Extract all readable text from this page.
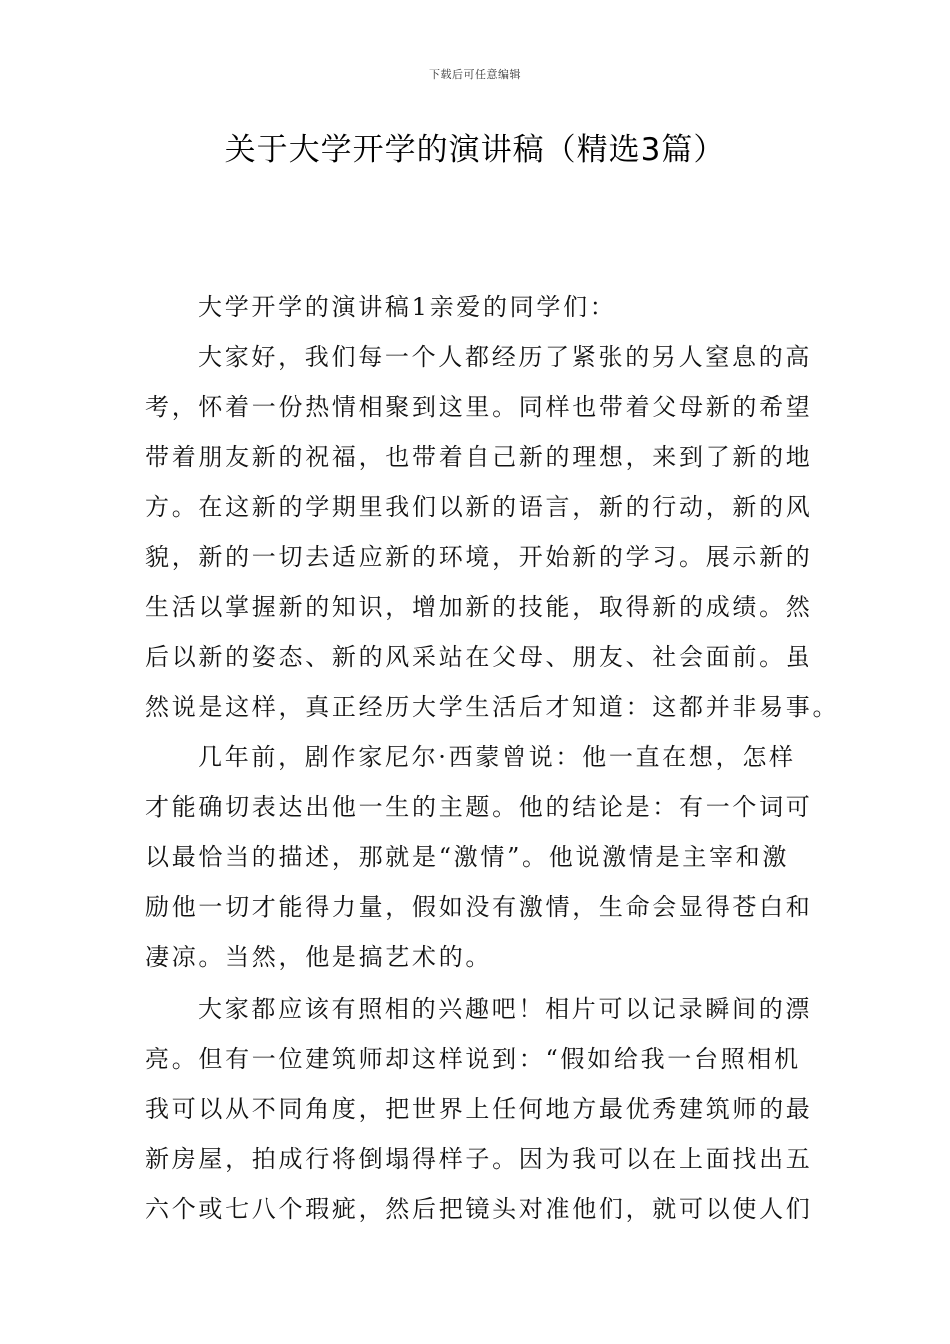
下载后可任意编辑
关于大学开学的演讲稿（精选3篇）

大学开学的演讲稿1亲爱的同学们：

大家好，我们每一个人都经历了紧张的另人窒息的高
考，怀着一份热情相聚到这里。同样也带着父母新的希望
带着朋友新的祝福，也带着自己新的理想，来到了新的地
方。在这新的学期里我们以新的语言，新的行动，新的风
貌，新的一切去适应新的环境，开始新的学习。展示新的
生活以掌握新的知识，增加新的技能，取得新的成绩。然
后以新的姿态、新的风采站在父母、朋友、社会面前。虽
然说是这样，真正经历大学生活后才知道：这都并非易事。

几年前，剧作家尼尔·西蒙曾说：他一直在想，怎样
才能确切表达出他一生的主题。他的结论是：有一个词可
以最恰当的描述，那就是“激情”。他说激情是主宰和激
励他一切才能得力量，假如没有激情，生命会显得苍白和
凄凉。当然，他是搞艺术的。

大家都应该有照相的兴趣吧！相片可以记录瞬间的漂
亮。但有一位建筑师却这样说到：“假如给我一台照相机
我可以从不同角度，把世界上任何地方最优秀建筑师的最
新房屋，拍成行将倒塌得样子。因为我可以在上面找出五
六个或七八个瑕疵，然后把镜头对准他们，就可以使人们
